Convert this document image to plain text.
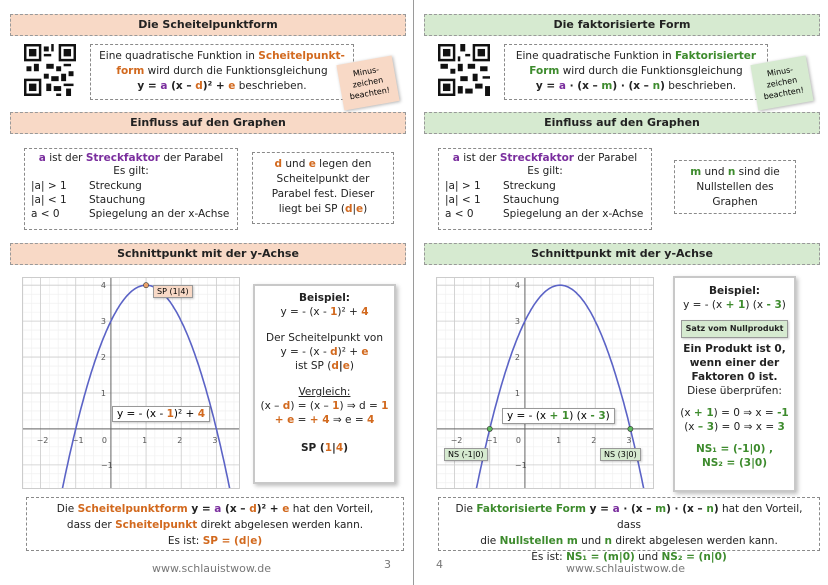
Die Scheitelpunktform
Eine quadratische Funktion in Scheitelpunkt-form wird durch die Funktionsgleichung
y = a (x – d)² + e beschrieben.
Minus-zeichen beachten!
Einfluss auf den Graphen
a ist der Streckfaktor der Parabel
Es gilt:
|a| > 1	Streckung
|a| < 1	Stauchung
a < 0	Spiegelung an der x-Achse
d und e legen den Scheitelpunkt der Parabel fest. Dieser liegt bei SP (d|e)
Schnittpunkt mit der y-Achse
−2	−1 0	1	2	3
4
3
2
1
−1
SP (1|4)
y = - (x - 1)² + 4
Beispiel:
y = - (x - 1)² + 4
Der Scheitelpunkt von
y = - (x - d)² + e
ist SP (d|e)
Vergleich:
(x – d) = (x – 1) ⇒ d = 1
+ e = + 4 ⇒ e = 4
SP (1|4)
Die Scheitelpunktform y = a (x – d)² + e hat den Vorteil,
dass der Scheitelpunkt direkt abgelesen werden kann.
Es ist: SP = (d|e)
www.schlauistwow.de	3
Die faktorisierte Form
Eine quadratische Funktion in Faktorisierter Form wird durch die Funktionsgleichung
y = a · (x – m) · (x – n) beschrieben.
Minus-zeichen beachten!
Einfluss auf den Graphen
a ist der Streckfaktor der Parabel
Es gilt:
|a| > 1	Streckung
|a| < 1	Stauchung
a < 0	Spiegelung an der x-Achse
m und n sind die Nullstellen des Graphen
Schnittpunkt mit der y-Achse
−2	−1 0	1	2	3
4
3
2
1
−1
NS (-1|0)	NS (3|0)
y = - (x + 1) (x - 3)
Beispiel:
y = - (x + 1) (x - 3)
Satz vom Nullprodukt
Ein Produkt ist 0,
wenn einer der
Faktoren 0 ist.
Diese überprüfen:
(x + 1) = 0 ⇒ x = -1
(x – 3) = 0 ⇒ x = 3
NS₁ = (-1|0) ,
NS₂ = (3|0)
Die Faktorisierte Form y = a · (x – m) · (x – n) hat den Vorteil, dass
die Nullstellen m und n direkt abgelesen werden kann.
Es ist: NS₁ = (m|0) und NS₂ = (n|0)
4	www.schlauistwow.de
